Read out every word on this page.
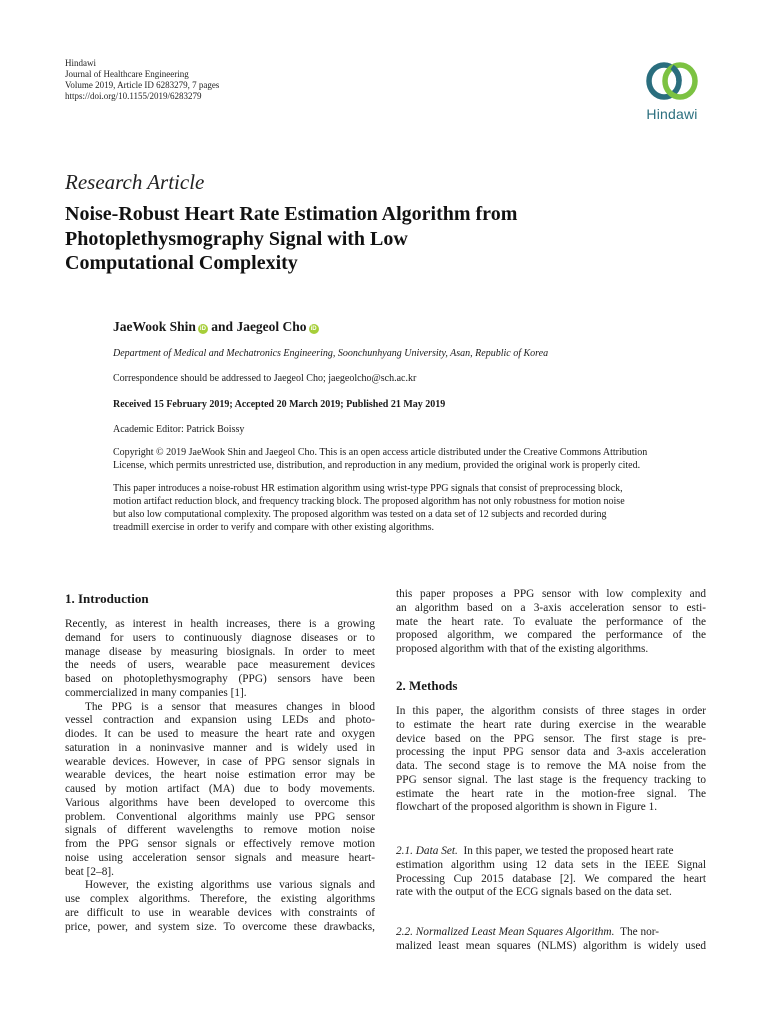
Hindawi
Journal of Healthcare Engineering
Volume 2019, Article ID 6283279, 7 pages
https://doi.org/10.1155/2019/6283279
Hindawi
Research Article
Noise-Robust Heart Rate Estimation Algorithm from
Photoplethysmography Signal with Low
Computational Complexity
JaeWook Shin iD and Jaegeol Cho iD
Department of Medical and Mechatronics Engineering, Soonchunhyang University, Asan, Republic of Korea
Correspondence should be addressed to Jaegeol Cho; jaegeolcho@sch.ac.kr
Received 15 February 2019; Accepted 20 March 2019; Published 21 May 2019
Academic Editor: Patrick Boissy
Copyright © 2019 JaeWook Shin and Jaegeol Cho. This is an open access article distributed under the Creative Commons Attribution
License, which permits unrestricted use, distribution, and reproduction in any medium, provided the original work is properly cited.
This paper introduces a noise-robust HR estimation algorithm using wrist-type PPG signals that consist of preprocessing block,
motion artifact reduction block, and frequency tracking block. The proposed algorithm has not only robustness for motion noise
but also low computational complexity. The proposed algorithm was tested on a data set of 12 subjects and recorded during
treadmill exercise in order to verify and compare with other existing algorithms.
1. Introduction
Recently, as interest in health increases, there is a growing
demand for users to continuously diagnose diseases or to
manage disease by measuring biosignals. In order to meet
the needs of users, wearable pace measurement devices
based on photoplethysmography (PPG) sensors have been
commercialized in many companies [1].
The PPG is a sensor that measures changes in blood
vessel contraction and expansion using LEDs and photo-
diodes. It can be used to measure the heart rate and oxygen
saturation in a noninvasive manner and is widely used in
wearable devices. However, in case of PPG sensor signals in
wearable devices, the heart noise estimation error may be
caused by motion artifact (MA) due to body movements.
Various algorithms have been developed to overcome this
problem. Conventional algorithms mainly use PPG sensor
signals of different wavelengths to remove motion noise
from the PPG sensor signals or effectively remove motion
noise using acceleration sensor signals and measure heart-
beat [2–8].
However, the existing algorithms use various signals and
use complex algorithms. Therefore, the existing algorithms
are difficult to use in wearable devices with constraints of
price, power, and system size. To overcome these drawbacks,
this paper proposes a PPG sensor with low complexity and
an algorithm based on a 3-axis acceleration sensor to esti-
mate the heart rate. To evaluate the performance of the
proposed algorithm, we compared the performance of the
proposed algorithm with that of the existing algorithms.
2. Methods
In this paper, the algorithm consists of three stages in order
to estimate the heart rate during exercise in the wearable
device based on the PPG sensor. The first stage is pre-
processing the input PPG sensor data and 3-axis acceleration
data. The second stage is to remove the MA noise from the
PPG sensor signal. The last stage is the frequency tracking to
estimate the heart rate in the motion-free signal. The
flowchart of the proposed algorithm is shown in Figure 1.
2.1. Data Set. In this paper, we tested the proposed heart rate
estimation algorithm using 12 data sets in the IEEE Signal
Processing Cup 2015 database [2]. We compared the heart
rate with the output of the ECG signals based on the data set.
2.2. Normalized Least Mean Squares Algorithm. The nor-
malized least mean squares (NLMS) algorithm is widely used
